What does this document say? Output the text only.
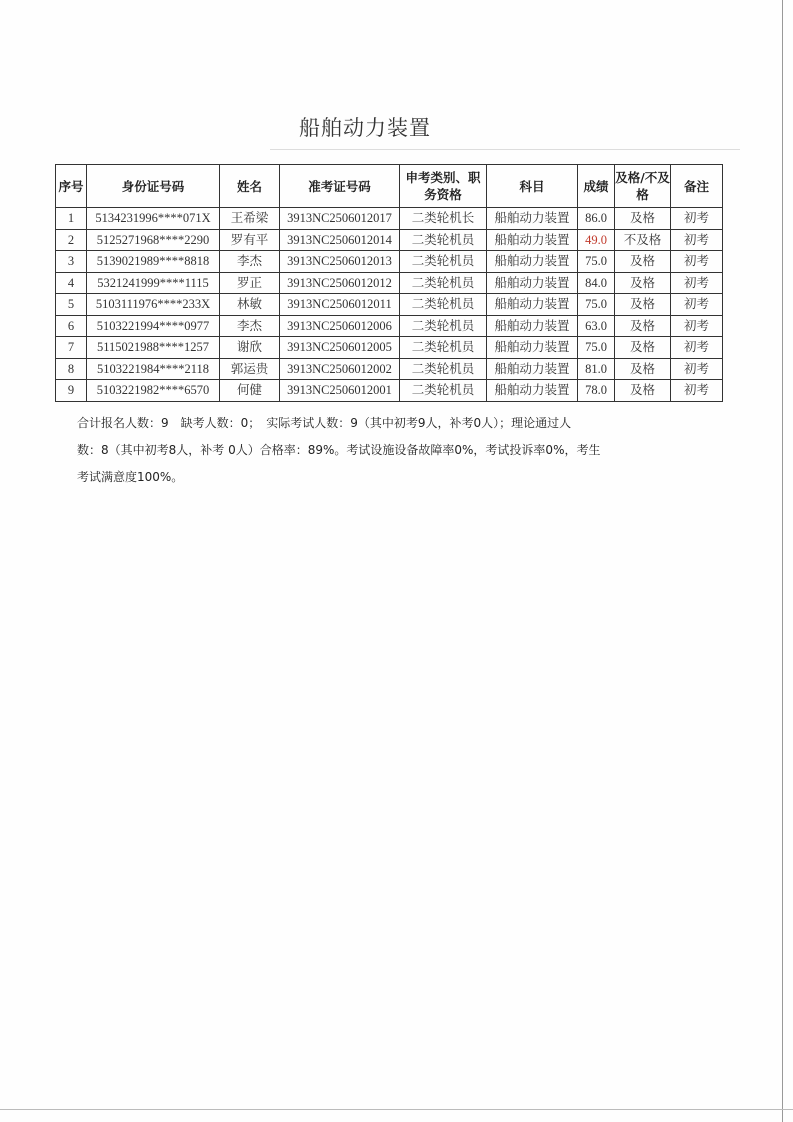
船舶动力装置
序号	身份证号码	姓名	准考证号码	申考类别、职务资格	科目	成绩	及格/不及格	备注
1	5134231996****071X	王希梁	3913NC2506012017	二类轮机长	船舶动力装置	86.0	及格	初考
2	5125271968****2290	罗有平	3913NC2506012014	二类轮机员	船舶动力装置	49.0	不及格	初考
3	5139021989****8818	李杰	3913NC2506012013	二类轮机员	船舶动力装置	75.0	及格	初考
4	5321241999****1115	罗正	3913NC2506012012	二类轮机员	船舶动力装置	84.0	及格	初考
5	5103111976****233X	林敏	3913NC2506012011	二类轮机员	船舶动力装置	75.0	及格	初考
6	5103221994****0977	李杰	3913NC2506012006	二类轮机员	船舶动力装置	63.0	及格	初考
7	5115021988****1257	谢欣	3913NC2506012005	二类轮机员	船舶动力装置	75.0	及格	初考
8	5103221984****2118	郭运贵	3913NC2506012002	二类轮机员	船舶动力装置	81.0	及格	初考
9	5103221982****6570	何健	3913NC2506012001	二类轮机员	船舶动力装置	78.0	及格	初考

合计报名人数：9　缺考人数：0；　实际考试人数：9（其中初考9人，补考0人）；理论通过人

数：8（其中初考8人，补考 0人）合格率：89%。考试设施设备故障率0%，考试投诉率0%，考生

考试满意度100%。
